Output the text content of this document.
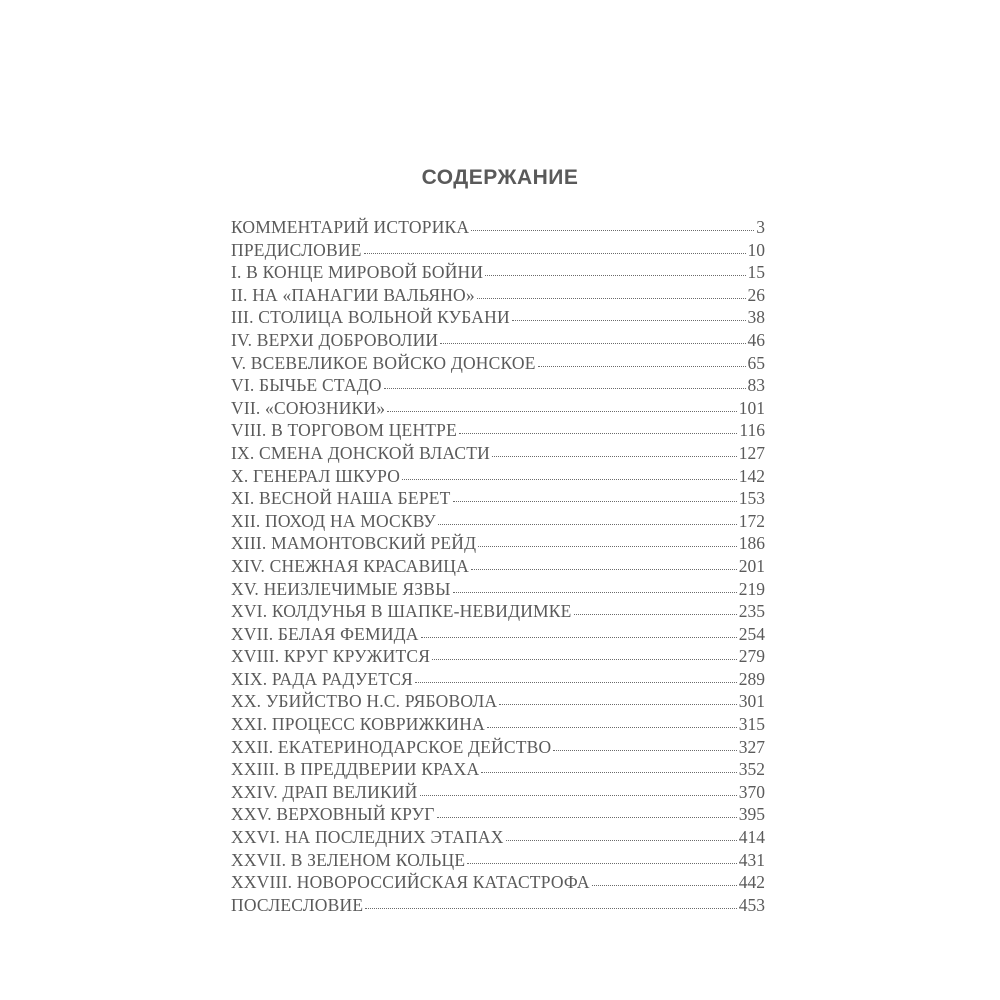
СОДЕРЖАНИЕ
КОММЕНТАРИЙ ИСТОРИКА	3
ПРЕДИСЛОВИЕ	10
I. В КОНЦЕ МИРОВОЙ БОЙНИ	15
II. НА «ПАНАГИИ ВАЛЬЯНО»	26
III. СТОЛИЦА ВОЛЬНОЙ КУБАНИ	38
IV. ВЕРХИ ДОБРОВОЛИИ	46
V. ВСЕВЕЛИКОЕ ВОЙСКО ДОНСКОЕ	65
VI. БЫЧЬЕ СТАДО	83
VII. «СОЮЗНИКИ»	101
VIII. В ТОРГОВОМ ЦЕНТРЕ	116
IX. СМЕНА ДОНСКОЙ ВЛАСТИ	127
X. ГЕНЕРАЛ ШКУРО	142
XI. ВЕСНОЙ НАША БЕРЕТ	153
XII. ПОХОД НА МОСКВУ	172
XIII. МАМОНТОВСКИЙ РЕЙД	186
XIV. СНЕЖНАЯ КРАСАВИЦА	201
XV. НЕИЗЛЕЧИМЫЕ ЯЗВЫ	219
XVI. КОЛДУНЬЯ В ШАПКЕ-НЕВИДИМКЕ	235
XVII. БЕЛАЯ ФЕМИДА	254
XVIII. КРУГ КРУЖИТСЯ	279
XIX. РАДА РАДУЕТСЯ	289
XX. УБИЙСТВО Н.С. РЯБОВОЛА	301
XXI. ПРОЦЕСС КОВРИЖКИНА	315
XXII. ЕКАТЕРИНОДАРСКОЕ ДЕЙСТВО	327
XXIII. В ПРЕДДВЕРИИ КРАХА	352
XXIV. ДРАП ВЕЛИКИЙ	370
XXV. ВЕРХОВНЫЙ КРУГ	395
XXVI. НА ПОСЛЕДНИХ ЭТАПАХ	414
XXVII. В ЗЕЛЕНОМ КОЛЬЦЕ	431
XXVIII. НОВОРОССИЙСКАЯ КАТАСТРОФА	442
ПОСЛЕСЛОВИЕ	453
